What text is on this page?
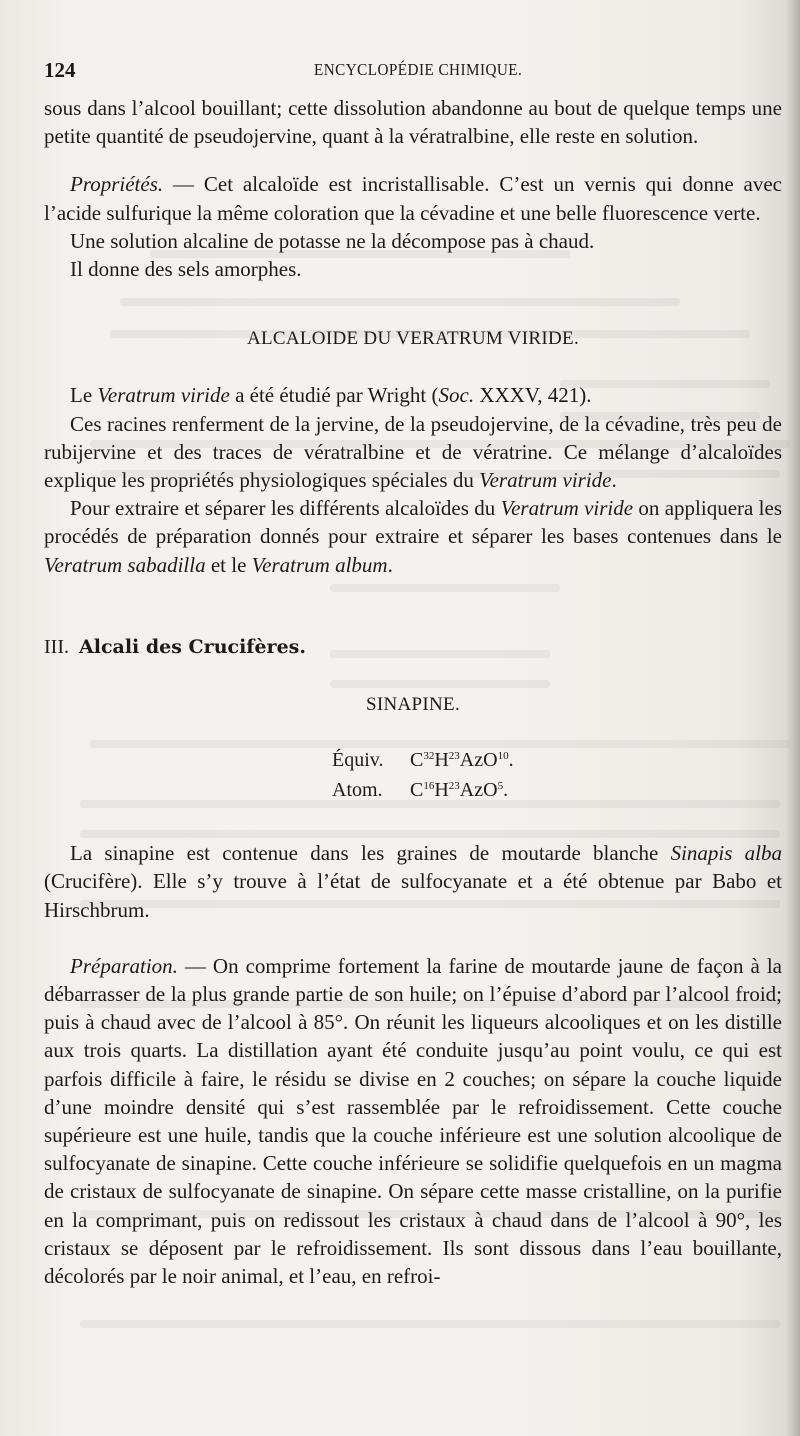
124	ENCYCLOPÉDIE CHIMIQUE.

sous dans l’alcool bouillant; cette dissolution abandonne au bout de quelque temps une petite quantité de pseudojervine, quant à la vératralbine, elle reste en solution.

Propriétés. — Cet alcaloïde est incristallisable. C’est un vernis qui donne avec l’acide sulfurique la même coloration que la cévadine et une belle fluorescence verte.

Une solution alcaline de potasse ne la décompose pas à chaud.

Il donne des sels amorphes.

ALCALOIDE DU VERATRUM VIRIDE.

Le Veratrum viride a été étudié par Wright (Soc. XXXV, 421).

Ces racines renferment de la jervine, de la pseudojervine, de la cévadine, très peu de rubijervine et des traces de vératralbine et de vératrine. Ce mélange d’alcaloïdes explique les propriétés physiologiques spéciales du Veratrum viride.

Pour extraire et séparer les différents alcaloïdes du Veratrum viride on appliquera les procédés de préparation donnés pour extraire et séparer les bases contenues dans le Veratrum sabadilla et le Veratrum album.

III. Alcali des Crucifères.

SINAPINE.

Équiv. $C^{32}H^{23}AzO^{10}$.
Atom. $C^{16}H^{23}AzO^5$.

La sinapine est contenue dans les graines de moutarde blanche Sinapis alba (Crucifère). Elle s’y trouve à l’état de sulfocyanate et a été obtenue par Babo et Hirschbrum.

Préparation. — On comprime fortement la farine de moutarde jaune de façon à la débarrasser de la plus grande partie de son huile; on l’épuise d’abord par l’alcool froid; puis à chaud avec de l’alcool à 85°. On réunit les liqueurs alcooliques et on les distille aux trois quarts. La distillation ayant été conduite jusqu’au point voulu, ce qui est parfois difficile à faire, le résidu se divise en 2 couches; on sépare la couche liquide d’une moindre densité qui s’est rassemblée par le refroidissement. Cette couche supérieure est une huile, tandis que la couche inférieure est une solution alcoolique de sulfocyanate de sinapine. Cette couche inférieure se solidifie quelquefois en un magma de cristaux de sulfocyanate de sinapine. On sépare cette masse cristalline, on la purifie en la comprimant, puis on redissout les cristaux à chaud dans de l’alcool à 90°, les cristaux se déposent par le refroidissement. Ils sont dissous dans l’eau bouillante, décolorés par le noir animal, et l’eau, en refroi-
